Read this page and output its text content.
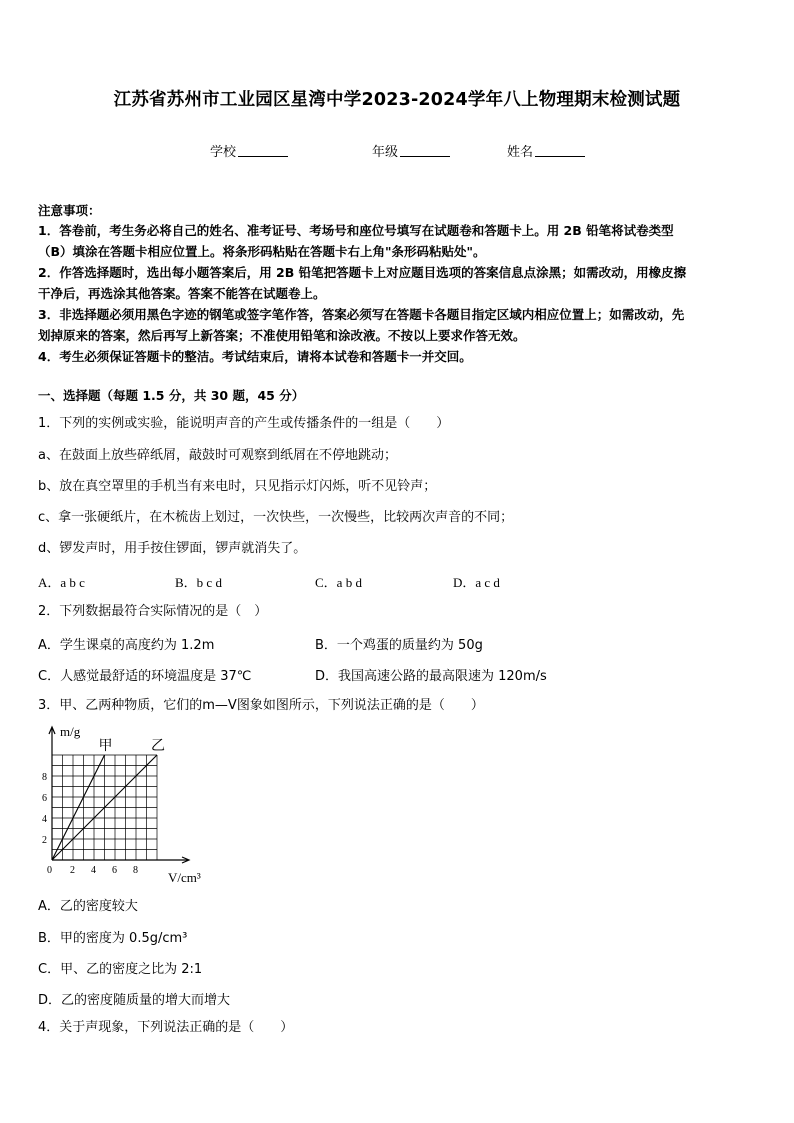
江苏省苏州市工业园区星湾中学2023-2024学年八上物理期末检测试题
学校	年级	姓名
注意事项：
1．答卷前，考生务必将自己的姓名、准考证号、考场号和座位号填写在试题卷和答题卡上。用 2B 铅笔将试卷类型
（B）填涂在答题卡相应位置上。将条形码粘贴在答题卡右上角"条形码粘贴处"。
2．作答选择题时，选出每小题答案后，用 2B 铅笔把答题卡上对应题目选项的答案信息点涂黑；如需改动，用橡皮擦
干净后，再选涂其他答案。答案不能答在试题卷上。
3．非选择题必须用黑色字迹的钢笔或签字笔作答，答案必须写在答题卡各题目指定区域内相应位置上；如需改动，先
划掉原来的答案，然后再写上新答案；不准使用铅笔和涂改液。不按以上要求作答无效。
4．考生必须保证答题卡的整洁。考试结束后，请将本试卷和答题卡一并交回。
一、选择题（每题 1.5 分，共 30 题，45 分）
1．下列的实例或实验，能说明声音的产生或传播条件的一组是（　　）
a、在鼓面上放些碎纸屑，敲鼓时可观察到纸屑在不停地跳动；
b、放在真空罩里的手机当有来电时，只见指示灯闪烁，听不见铃声；
c、拿一张硬纸片，在木梳齿上划过，一次快些，一次慢些，比较两次声音的不同；
d、锣发声时，用手按住锣面，锣声就消失了。
A．a b c	B．b c d	C．a b d	D．a c d
2．下列数据最符合实际情况的是（　）
A．学生课桌的高度约为 1.2m	B．一个鸡蛋的质量约为 50g
C．人感觉最舒适的环境温度是 37℃	D．我国高速公路的最高限速为 120m/s
3．甲、乙两种物质，它们的m—V图象如图所示，下列说法正确的是（　　）
甲	乙
0 2 4 6 8
2
4
6
8
m/g
V/cm³
A．乙的密度较大
B．甲的密度为 0.5g/cm³
C．甲、乙的密度之比为 2:1
D．乙的密度随质量的增大而增大
4．关于声现象，下列说法正确的是（　　）
